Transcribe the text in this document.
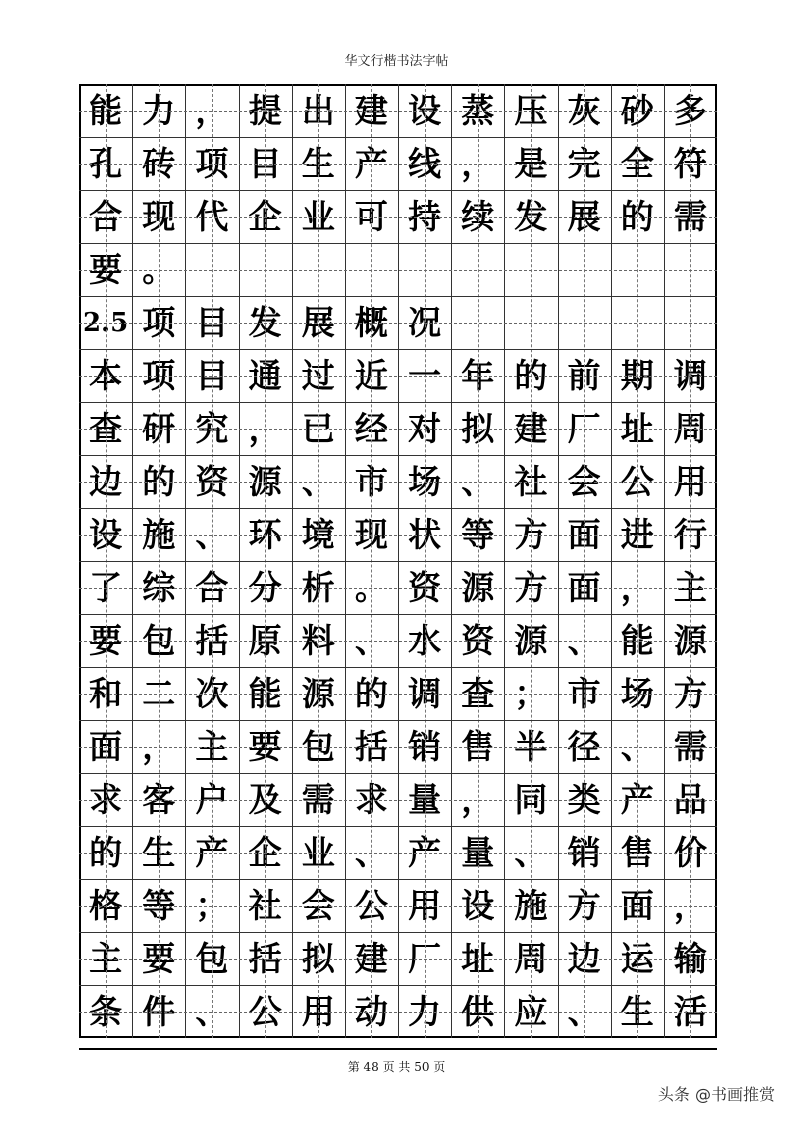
华文行楷书法字帖
能 力 ， 提 出 建 设 蒸 压 灰 砂 多
孔 砖 项 目 生 产 线 ， 是 完 全 符
合 现 代 企 业 可 持 续 发 展 的 需
要 。
2.5 项 目 发 展 概 况
本 项 目 通 过 近 一 年 的 前 期 调
查 研 究 ， 已 经 对 拟 建 厂 址 周
边 的 资 源 、 市 场 、 社 会 公 用
设 施 、 环 境 现 状 等 方 面 进 行
了 综 合 分 析 。 资 源 方 面 ， 主
要 包 括 原 料 、 水 资 源 、 能 源
和 二 次 能 源 的 调 查 ； 市 场 方
面 ， 主 要 包 括 销 售 半 径 、 需
求 客 户 及 需 求 量 ， 同 类 产 品
的 生 产 企 业 、 产 量 、 销 售 价
格 等 ； 社 会 公 用 设 施 方 面 ，
主 要 包 括 拟 建 厂 址 周 边 运 输
条 件 、 公 用 动 力 供 应 、 生 活
第 48 页 共 50 页
头条 @书画推赏
